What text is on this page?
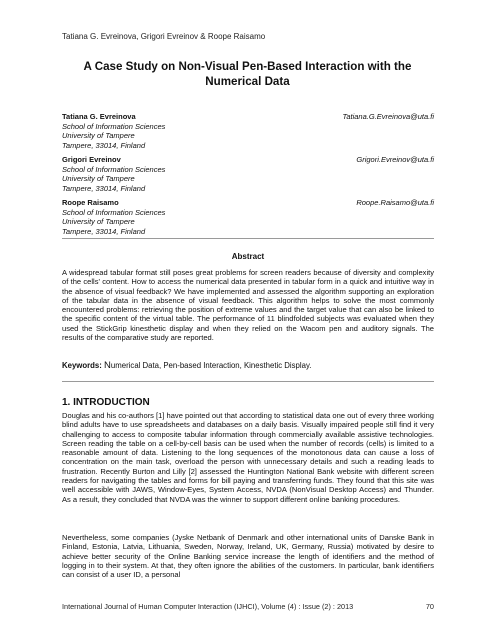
Tatiana G. Evreinova, Grigori Evreinov & Roope Raisamo
A Case Study on Non-Visual Pen-Based Interaction with the Numerical Data
Tatiana G. Evreinova	Tatiana.G.Evreinova@uta.fi
School of Information Sciences
University of Tampere
Tampere, 33014, Finland
Grigori Evreinov	Grigori.Evreinov@uta.fi
School of Information Sciences
University of Tampere
Tampere, 33014, Finland
Roope Raisamo	Roope.Raisamo@uta.fi
School of Information Sciences
University of Tampere
Tampere, 33014, Finland
Abstract

A widespread tabular format still poses great problems for screen readers because of diversity and complexity of the cells' content. How to access the numerical data presented in tabular form in a quick and intuitive way in the absence of visual feedback? We have implemented and assessed the algorithm supporting an exploration of the tabular data in the absence of visual feedback. This algorithm helps to solve the most commonly encountered problems: retrieving the position of extreme values and the target value that can also be linked to the specific content of the virtual table. The performance of 11 blindfolded subjects was evaluated when they used the StickGrip kinesthetic display and when they relied on the Wacom pen and auditory signals. The results of the comparative study are reported.

Keywords: Numerical Data, Pen-based Interaction, Kinesthetic Display.
1. INTRODUCTION

Douglas and his co-authors [1] have pointed out that according to statistical data one out of every three working blind adults have to use spreadsheets and databases on a daily basis. Visually impaired people still find it very challenging to access to composite tabular information through commercially available assistive technologies. Screen reading the table on a cell-by-cell basis can be used when the number of records (cells) is limited to a reasonable amount of data. Listening to the long sequences of the monotonous data can cause a loss of concentration on the main task, overload the person with unnecessary details and such a reading leads to frustration. Recently Burton and Lilly [2] assessed the Huntington National Bank website with different screen readers for navigating the tables and forms for bill paying and transferring funds. They found that this site was well accessible with JAWS, Window-Eyes, System Access, NVDA (NonVisual Desktop Access) and Thunder. As a result, they concluded that NVDA was the winner to support different online banking procedures.

Nevertheless, some companies (Jyske Netbank of Denmark and other international units of Danske Bank in Finland, Estonia, Latvia, Lithuania, Sweden, Norway, Ireland, UK, Germany, Russia) motivated by desire to achieve better security of the Online Banking service increase the length of identifiers and the method of logging in to their system. At that, they often ignore the abilities of the customers. In particular, bank identifiers can consist of a user ID, a personal

International Journal of Human Computer Interaction (IJHCI), Volume (4) : Issue (2) : 2013	70
